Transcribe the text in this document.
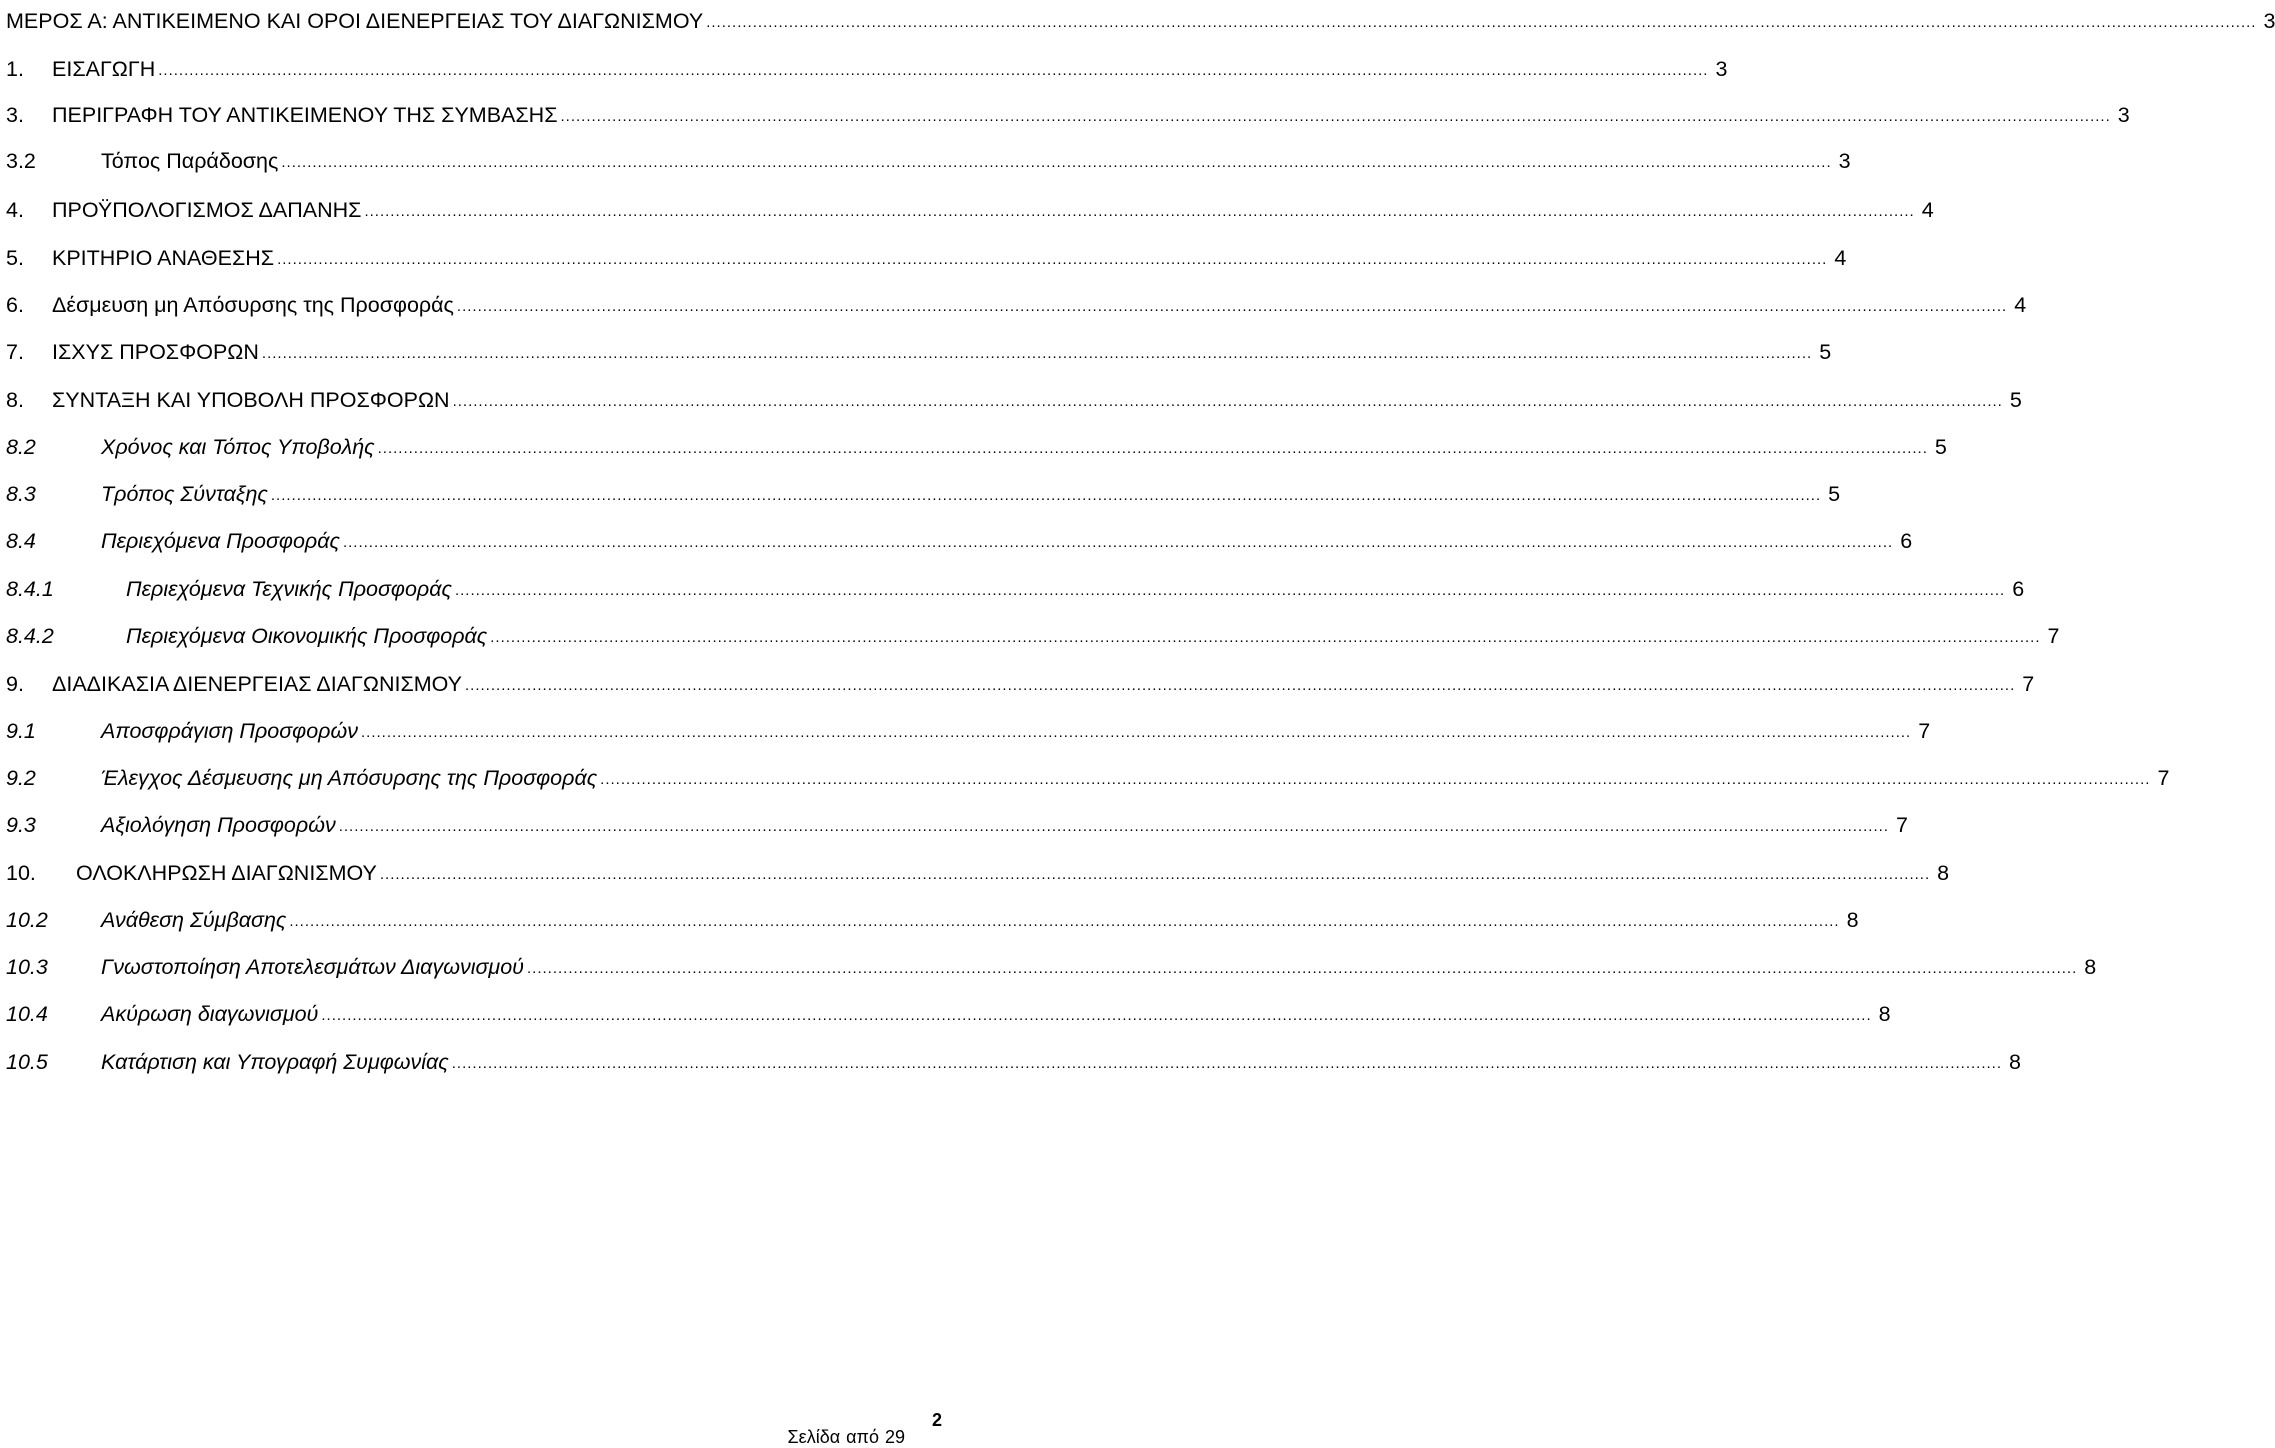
ΜΕΡΟΣ Α: ΑΝΤΙΚΕΙΜΕΝΟ ΚΑΙ ΟΡΟΙ ΔΙΕΝΕΡΓΕΙΑΣ ΤΟΥ ΔΙΑΓΩΝΙΣΜΟΥ ............................................................................................................................................................................................................................................................................................................ 3
1.	ΕΙΣΑΓΩΓΗ ............................................................................................................................................................................................................................................................................................................ 3
3.	ΠΕΡΙΓΡΑΦΗ ΤΟΥ ΑΝΤΙΚΕΙΜΕΝΟΥ ΤΗΣ ΣΥΜΒΑΣΗΣ ............................................................................................................................................................................................................................................................................................................ 3
3.2	Τόπος Παράδοσης ............................................................................................................................................................................................................................................................................................................ 3
4.	ΠΡΟΫΠΟΛΟΓΙΣΜΟΣ ΔΑΠΑΝΗΣ ............................................................................................................................................................................................................................................................................................................ 4
5.	ΚΡΙΤΗΡΙΟ ΑΝΑΘΕΣΗΣ ............................................................................................................................................................................................................................................................................................................ 4
6.	Δέσμευση μη Απόσυρσης της Προσφοράς ............................................................................................................................................................................................................................................................................................................ 4
7.	ΙΣΧΥΣ ΠΡΟΣΦΟΡΩΝ ............................................................................................................................................................................................................................................................................................................ 5
8.	ΣΥΝΤΑΞΗ ΚΑΙ ΥΠΟΒΟΛΗ ΠΡΟΣΦΟΡΩΝ ............................................................................................................................................................................................................................................................................................................ 5
8.2	Χρόνος και Τόπος Υποβολής ............................................................................................................................................................................................................................................................................................................ 5
8.3	Τρόπος Σύνταξης ............................................................................................................................................................................................................................................................................................................ 5
8.4	Περιεχόμενα Προσφοράς ............................................................................................................................................................................................................................................................................................................ 6
8.4.1	Περιεχόμενα Τεχνικής Προσφοράς ............................................................................................................................................................................................................................................................................................................ 6
8.4.2	Περιεχόμενα Οικονομικής Προσφοράς ............................................................................................................................................................................................................................................................................................................ 7
9.	ΔΙΑΔΙΚΑΣΙΑ ΔΙΕΝΕΡΓΕΙΑΣ ΔΙΑΓΩΝΙΣΜΟΥ ............................................................................................................................................................................................................................................................................................................ 7
9.1	Αποσφράγιση Προσφορών ............................................................................................................................................................................................................................................................................................................ 7
9.2	Έλεγχος Δέσμευσης μη Απόσυρσης της Προσφοράς ............................................................................................................................................................................................................................................................................................................ 7
9.3	Αξιολόγηση Προσφορών ............................................................................................................................................................................................................................................................................................................ 7
10.	ΟΛΟΚΛΗΡΩΣΗ ΔΙΑΓΩΝΙΣΜΟΥ ............................................................................................................................................................................................................................................................................................................ 8
10.2	Ανάθεση Σύμβασης ............................................................................................................................................................................................................................................................................................................ 8
10.3	Γνωστοποίηση Αποτελεσμάτων Διαγωνισμού ............................................................................................................................................................................................................................................................................................................ 8
10.4	Ακύρωση διαγωνισμού ............................................................................................................................................................................................................................................................................................................ 8
10.5	Κατάρτιση και Υπογραφή Συμφωνίας ............................................................................................................................................................................................................................................................................................................ 8
2
Σελίδα από 29
